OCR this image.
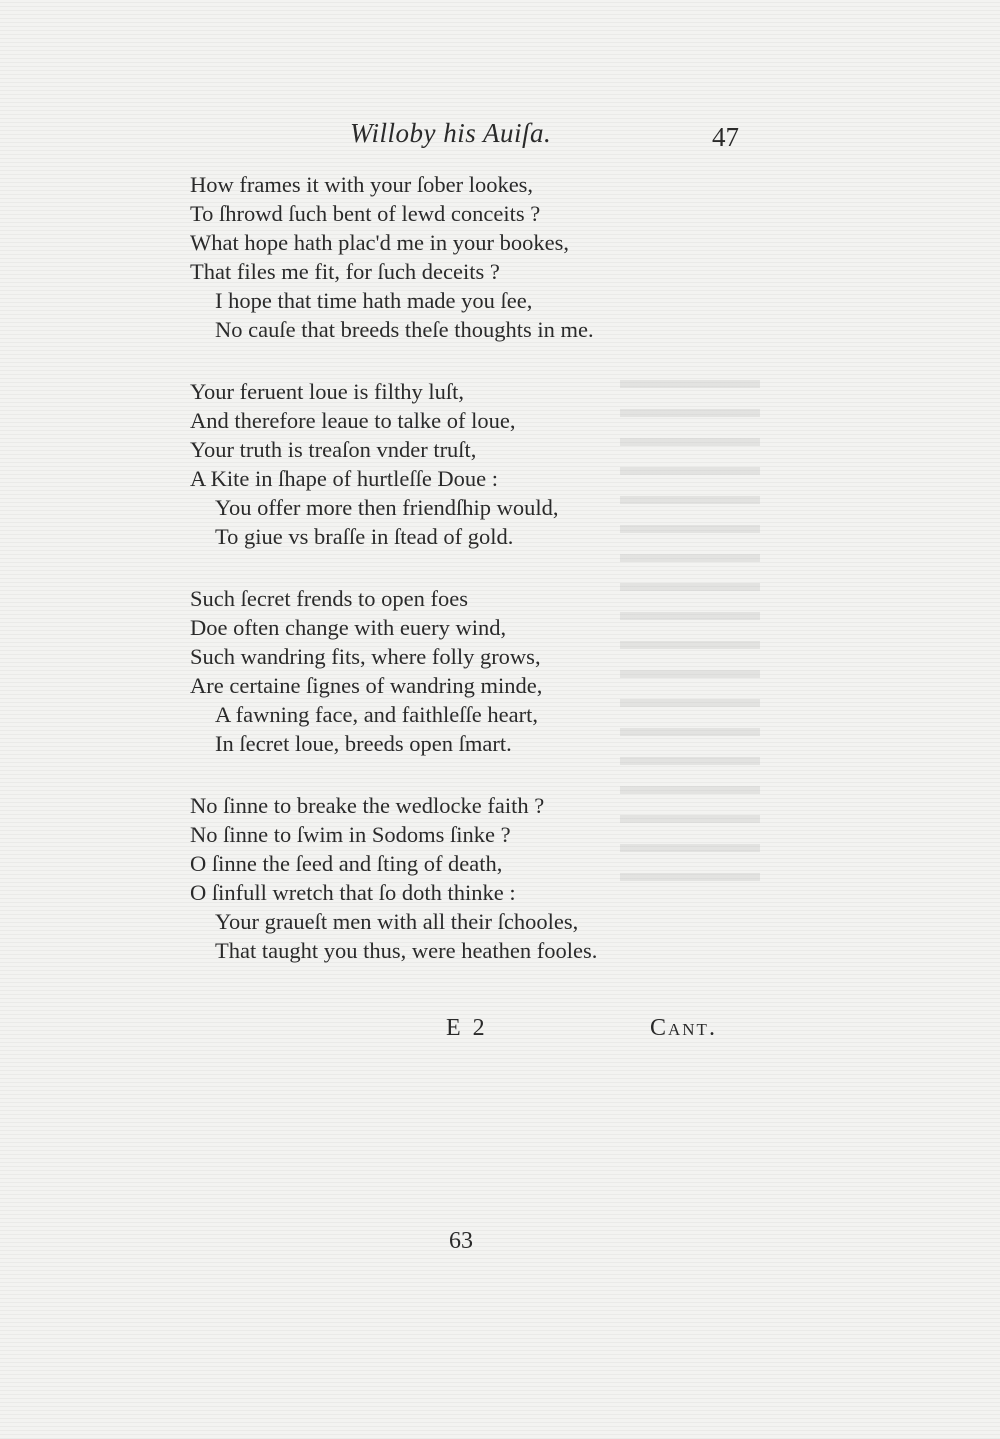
Willoby his Auiſa.	47
How frames it with your ſober lookes,
To ſhrowd ſuch bent of lewd conceits ?
What hope hath plac'd me in your bookes,
That files me fit, for ſuch deceits ?
I hope that time hath made you ſee,
No cauſe that breeds theſe thoughts in me.
Your feruent loue is filthy luſt,
And therefore leaue to talke of loue,
Your truth is treaſon vnder truſt,
A Kite in ſhape of hurtleſſe Doue :
You offer more then friendſhip would,
To giue vs braſſe in ſtead of gold.
Such ſecret frends to open foes
Doe often change with euery wind,
Such wandring fits, where folly grows,
Are certaine ſignes of wandring minde,
A fawning face, and faithleſſe heart,
In ſecret loue, breeds open ſmart.
No ſinne to breake the wedlocke faith ?
No ſinne to ſwim in Sodoms ſinke ?
O ſinne the ſeed and ſting of death,
O ſinfull wretch that ſo doth thinke :
Your graueſt men with all their ſchooles,
That taught you thus, were heathen fooles.
E 2	Cant.
63
